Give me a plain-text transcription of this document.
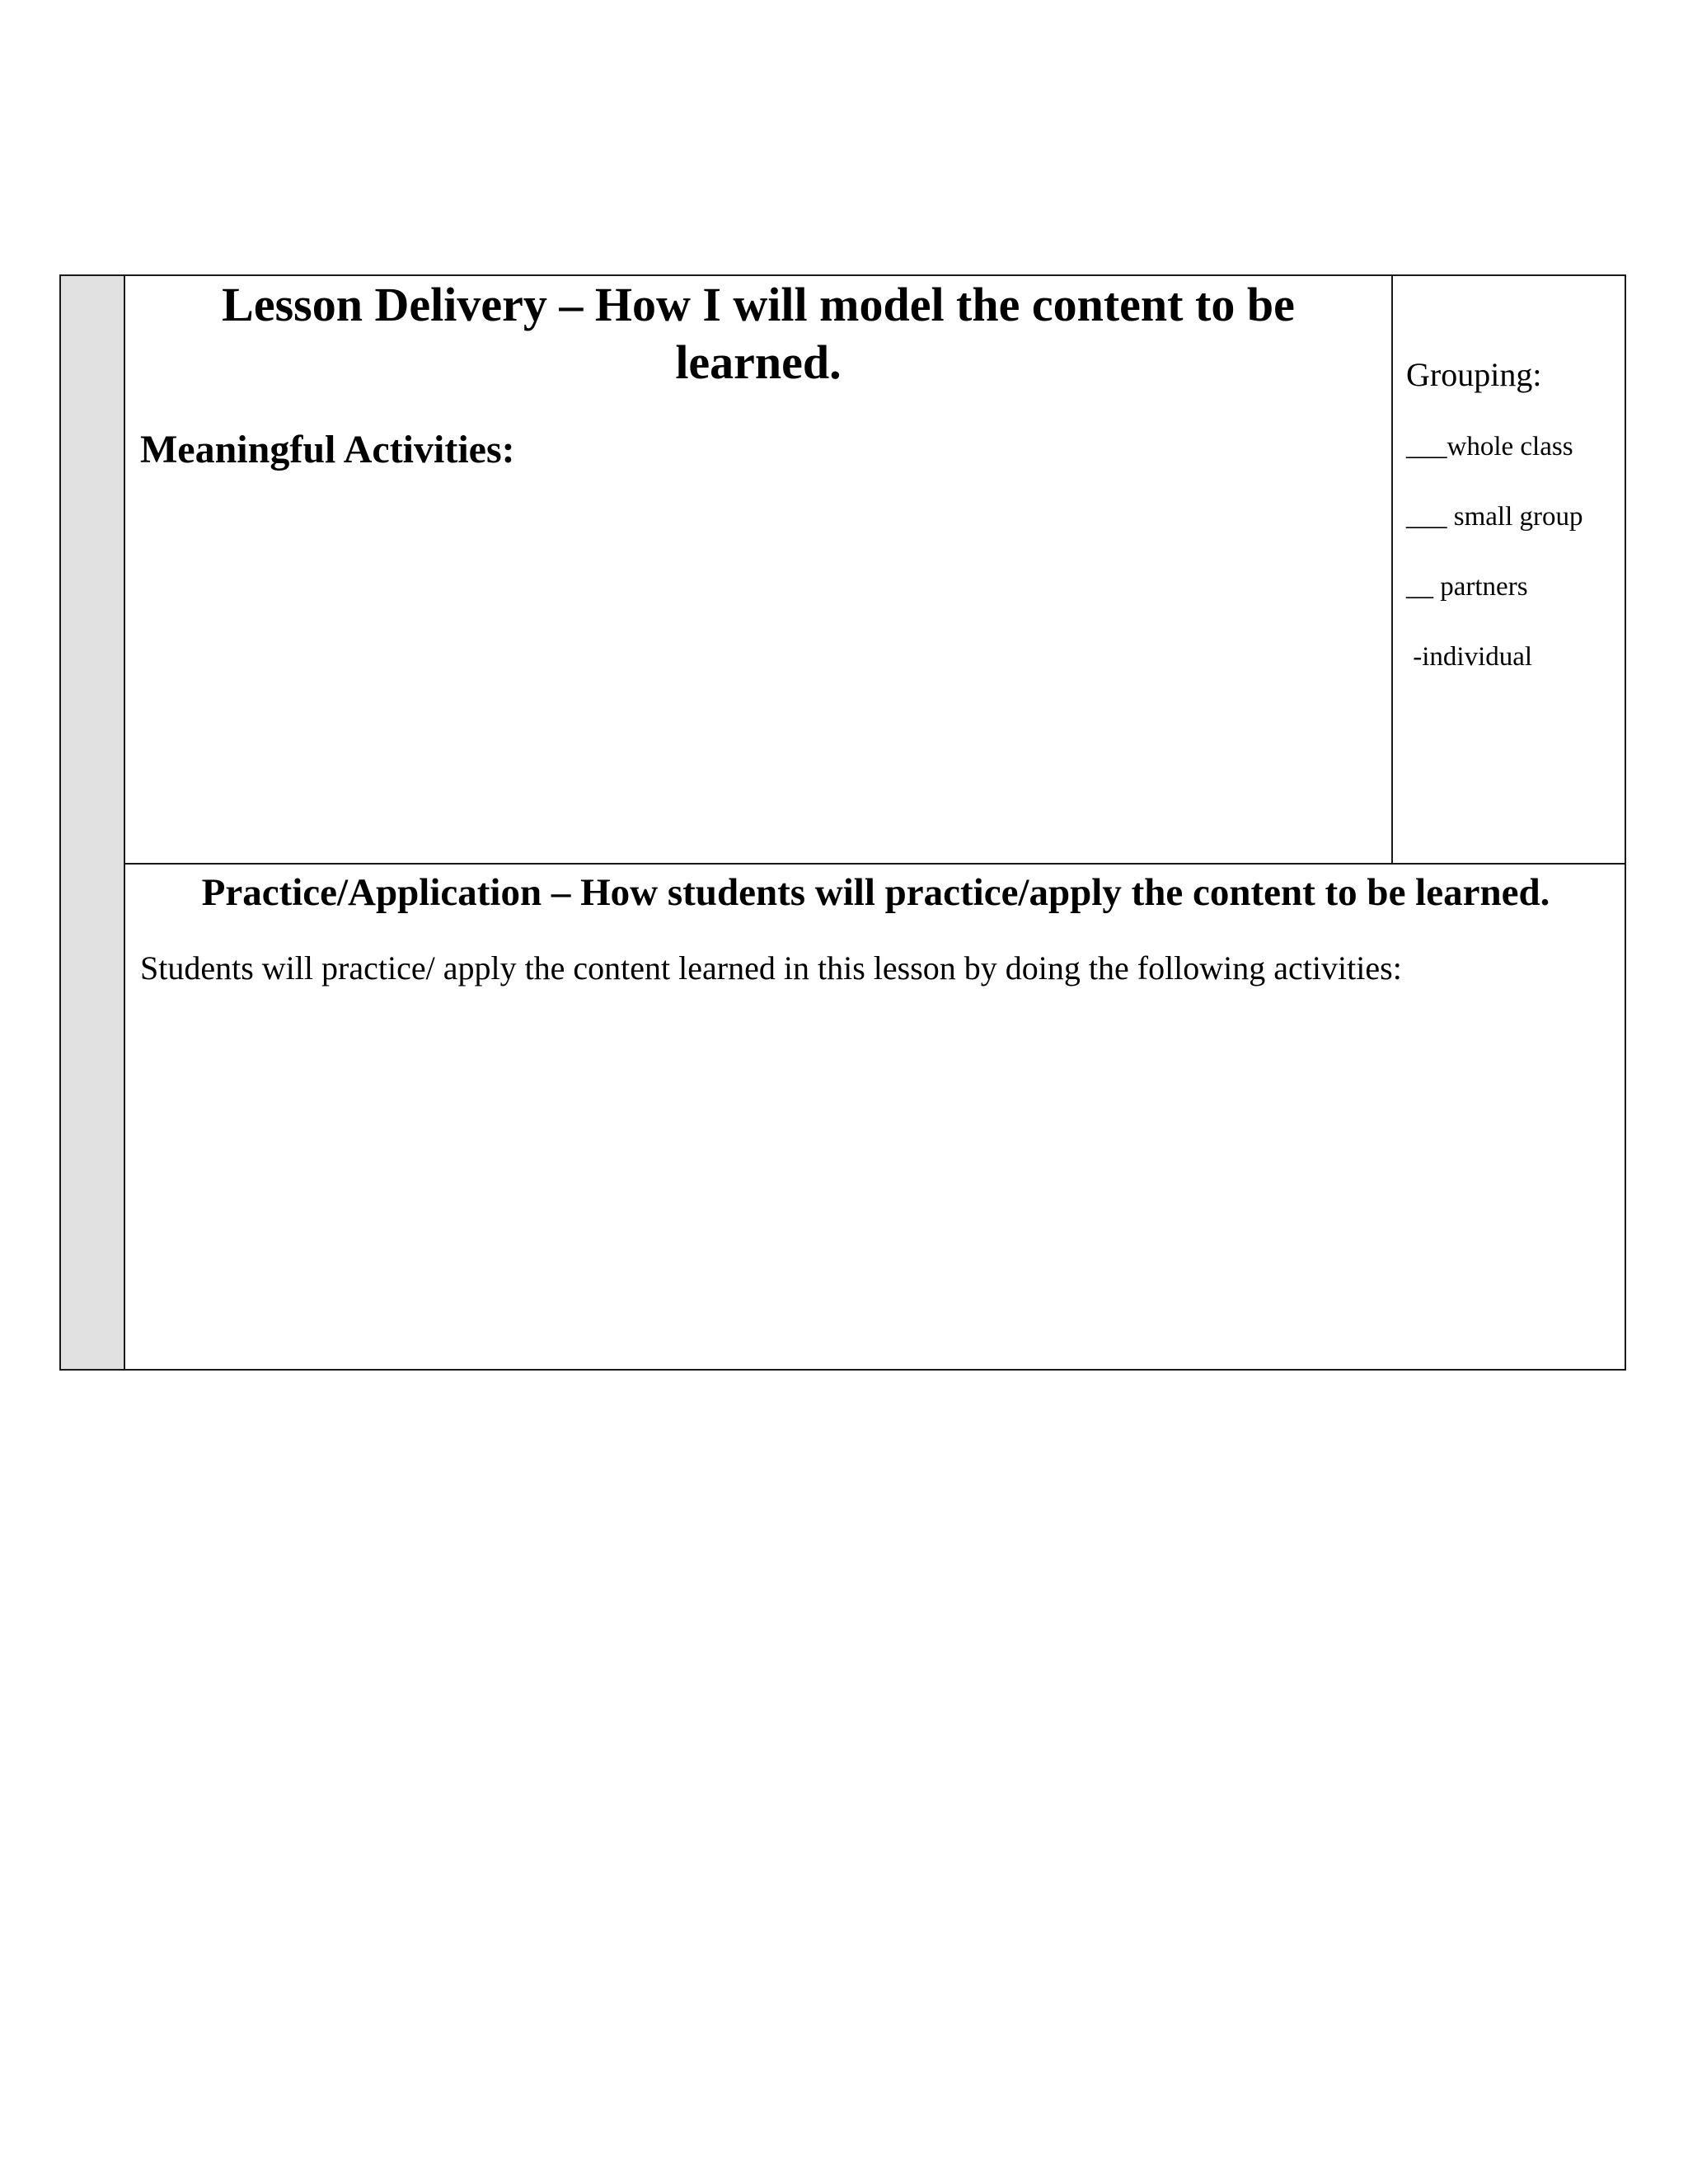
Lesson Delivery – How I will model the content to be learned.
Meaningful Activities:
Grouping:
___whole class
___ small group
__ partners
-individual
Practice/Application – How students will practice/apply the content to be learned.

Students will practice/ apply the content learned in this lesson by doing the following activities:
